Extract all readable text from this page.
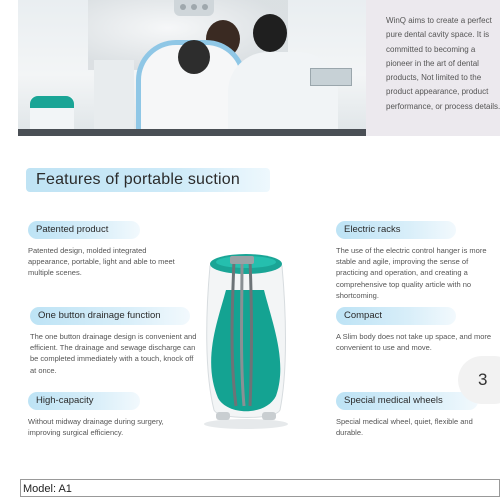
WinQ aims to create a perfect pure dental cavity space. It is committed to becoming a pioneer in the art of dental products, Not limited to the product appearance, product performance, or process details.
Features of portable suction
Patented product
Patented design, molded integrated appearance, portable, light and able to meet multiple scenes.
One button drainage function
The one button drainage design is convenient and efficient. The drainage and sewage discharge can be completed immediately with a touch, knock off at once.
High-capacity
Without midway drainage during surgery, improving surgical efficiency.
Electric racks
The use of the electric control hanger is more stable and agile, improving the sense of practicing and operation, and creating a comprehensive top quality article with no shortcoming.
Compact
A Slim body does not take up space, and more convenient to use and move.
Special medical wheels
Special medical wheel, quiet, flexible and durable.
3
Model: A1
